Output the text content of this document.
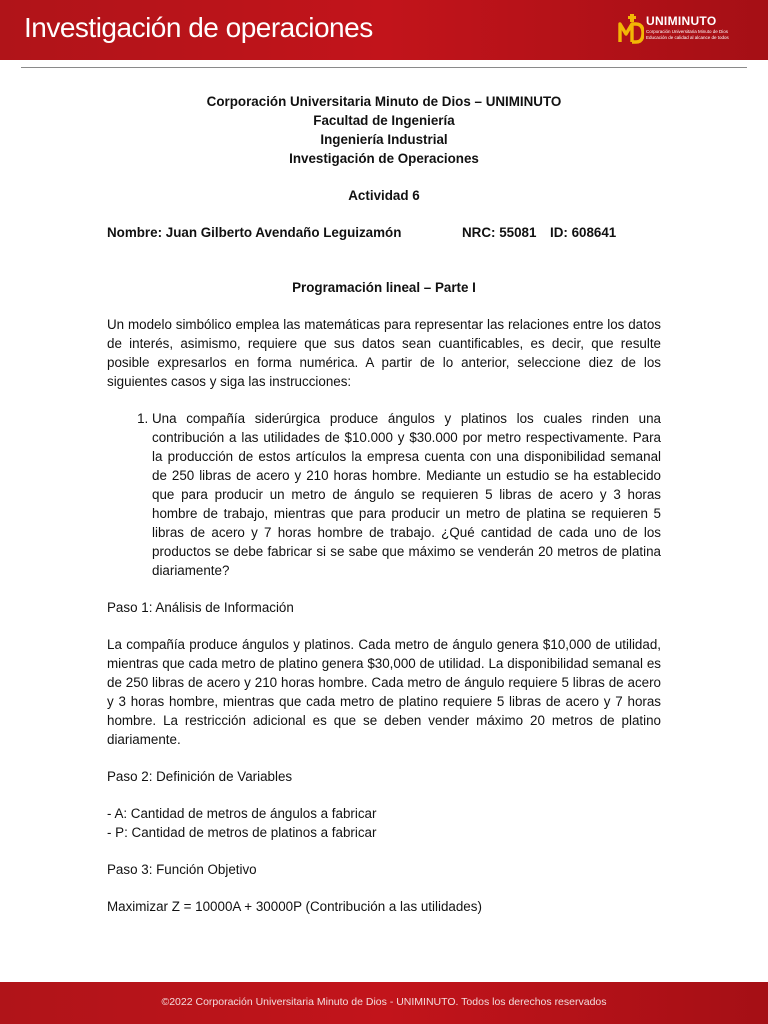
Investigación de operaciones	UNIMINUTO
Corporación Universitaria Minuto de Dios
Educación de calidad al alcance de todos
Corporación Universitaria Minuto de Dios – UNIMINUTO
Facultad de Ingeniería
Ingeniería Industrial
Investigación de Operaciones
Actividad 6
Nombre: Juan Gilberto Avendaño Leguizamón	NRC: 55081	ID: 608641
Programación lineal – Parte I

Un modelo simbólico emplea las matemáticas para representar las relaciones entre los datos de interés, asimismo, requiere que sus datos sean cuantificables, es decir, que resulte posible expresarlos en forma numérica. A partir de lo anterior, seleccione diez de los siguientes casos y siga las instrucciones:

1. Una compañía siderúrgica produce ángulos y platinos los cuales rinden una contribución a las utilidades de $10.000 y $30.000 por metro respectivamente. Para la producción de estos artículos la empresa cuenta con una disponibilidad semanal de 250 libras de acero y 210 horas hombre. Mediante un estudio se ha establecido que para producir un metro de ángulo se requieren 5 libras de acero y 3 horas hombre de trabajo, mientras que para producir un metro de platina se requieren 5 libras de acero y 7 horas hombre de trabajo. ¿Qué cantidad de cada uno de los productos se debe fabricar si se sabe que máximo se venderán 20 metros de platina diariamente?
Paso 1: Análisis de Información

La compañía produce ángulos y platinos. Cada metro de ángulo genera $10,000 de utilidad, mientras que cada metro de platino genera $30,000 de utilidad. La disponibilidad semanal es de 250 libras de acero y 210 horas hombre. Cada metro de ángulo requiere 5 libras de acero y 3 horas hombre, mientras que cada metro de platino requiere 5 libras de acero y 7 horas hombre. La restricción adicional es que se deben vender máximo 20 metros de platino diariamente.

Paso 2: Definición de Variables
- A: Cantidad de metros de ángulos a fabricar
- P: Cantidad de metros de platinos a fabricar
Paso 3: Función Objetivo
Maximizar Z = 10000A + 30000P (Contribución a las utilidades)
©2022 Corporación Universitaria Minuto de Dios - UNIMINUTO. Todos los derechos reservados
